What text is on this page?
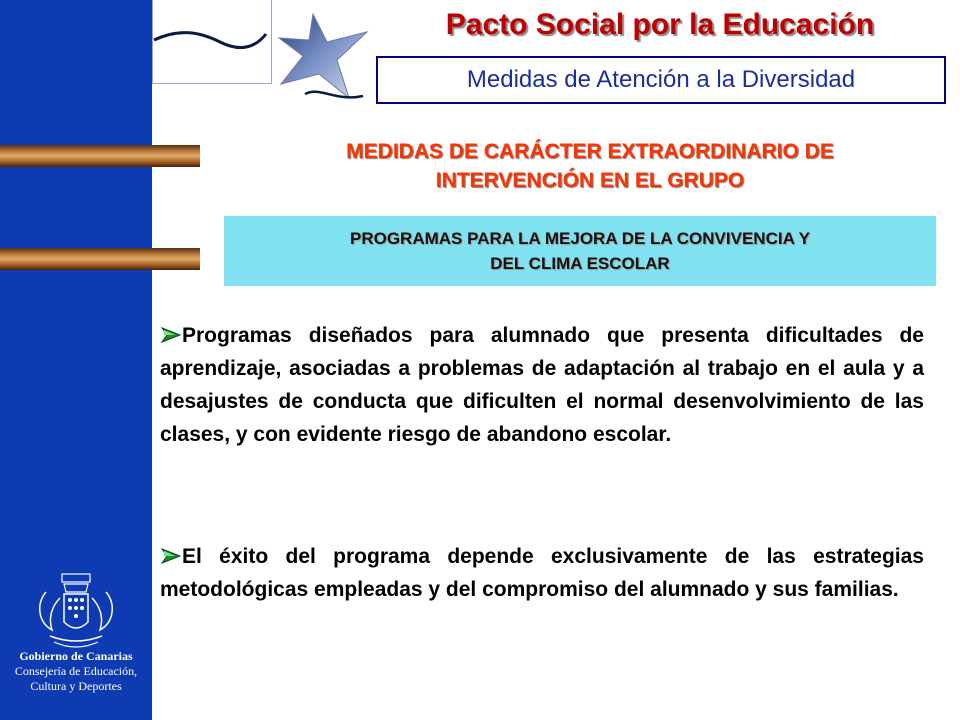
Pacto Social por la Educación
Medidas de Atención a la Diversidad
MEDIDAS DE CARÁCTER EXTRAORDINARIO DE
INTERVENCIÓN EN EL GRUPO
PROGRAMAS PARA LA MEJORA DE LA CONVIVENCIA Y
DEL CLIMA ESCOLAR
Programas diseñados para alumnado que presenta dificultades de aprendizaje, asociadas a problemas de adaptación al trabajo en el aula y a desajustes de conducta que dificulten el normal desenvolvimiento de las clases, y con evidente riesgo de abandono escolar.
El éxito del programa depende exclusivamente de las estrategias metodológicas empleadas y del compromiso del alumnado y sus familias.
Gobierno de Canarias
Consejería de Educación,
Cultura y Deportes
